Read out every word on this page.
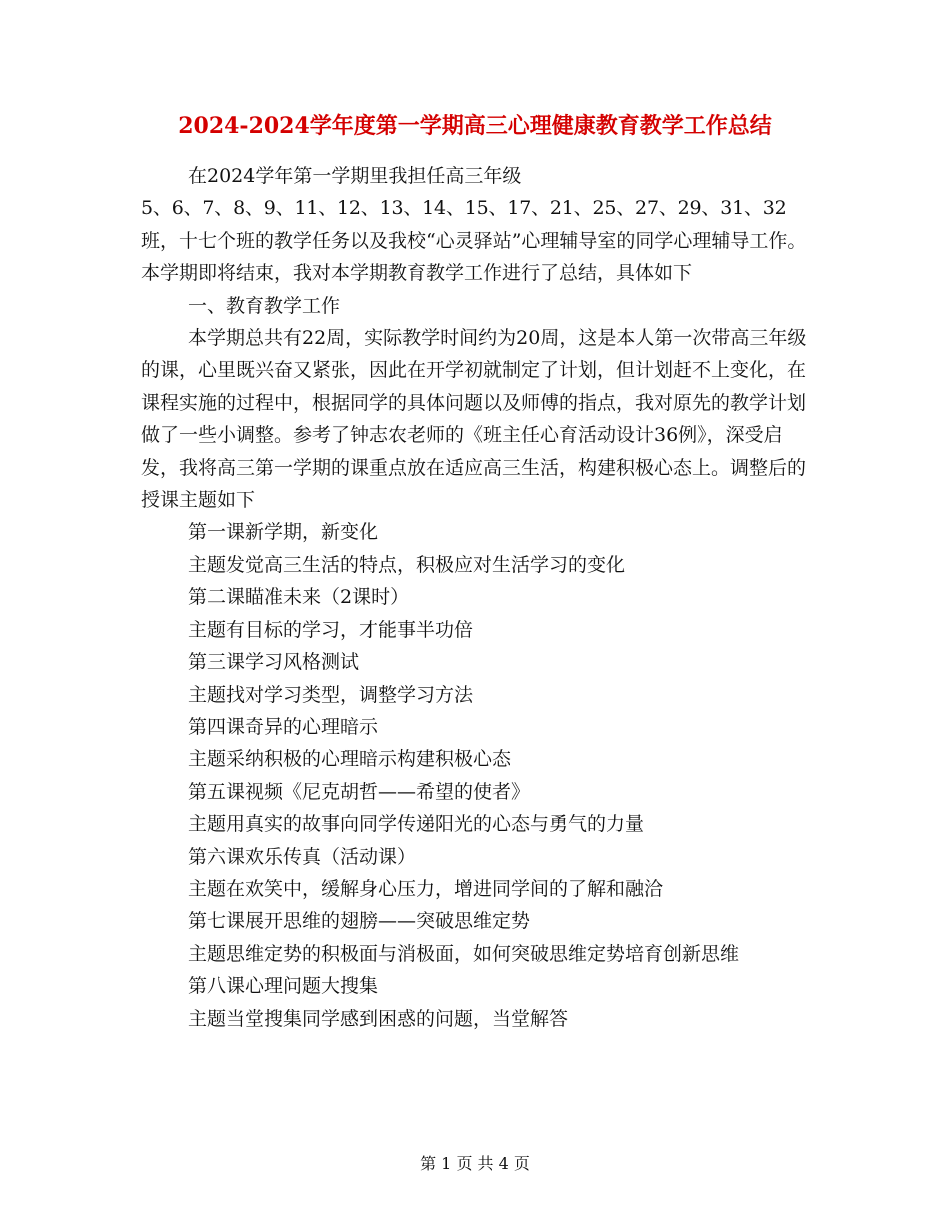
2024-2024学年度第一学期高三心理健康教育教学工作总结

在2024学年第一学期里我担任高三年级

5、6、7、8、9、11、12、13、14、15、17、21、25、27、29、31、32

班，十七个班的教学任务以及我校“心灵驿站”心理辅导室的同学心理辅导工作。本学期即将结束，我对本学期教育教学工作进行了总结，具体如下

一、教育教学工作

本学期总共有22周，实际教学时间约为20周，这是本人第一次带高三年级的课，心里既兴奋又紧张，因此在开学初就制定了计划，但计划赶不上变化，在课程实施的过程中，根据同学的具体问题以及师傅的指点，我对原先的教学计划做了一些小调整。参考了钟志农老师的《班主任心育活动设计36例》，深受启发，我将高三第一学期的课重点放在适应高三生活，构建积极心态上。调整后的授课主题如下

第一课新学期，新变化

主题发觉高三生活的特点，积极应对生活学习的变化

第二课瞄准未来（2课时）

主题有目标的学习，才能事半功倍

第三课学习风格测试

主题找对学习类型，调整学习方法

第四课奇异的心理暗示

主题采纳积极的心理暗示构建积极心态

第五课视频《尼克胡哲——希望的使者》

主题用真实的故事向同学传递阳光的心态与勇气的力量

第六课欢乐传真（活动课）

主题在欢笑中，缓解身心压力，增进同学间的了解和融洽

第七课展开思维的翅膀——突破思维定势

主题思维定势的积极面与消极面，如何突破思维定势培育创新思维

第八课心理问题大搜集

主题当堂搜集同学感到困惑的问题，当堂解答

第 1 页 共 4 页
